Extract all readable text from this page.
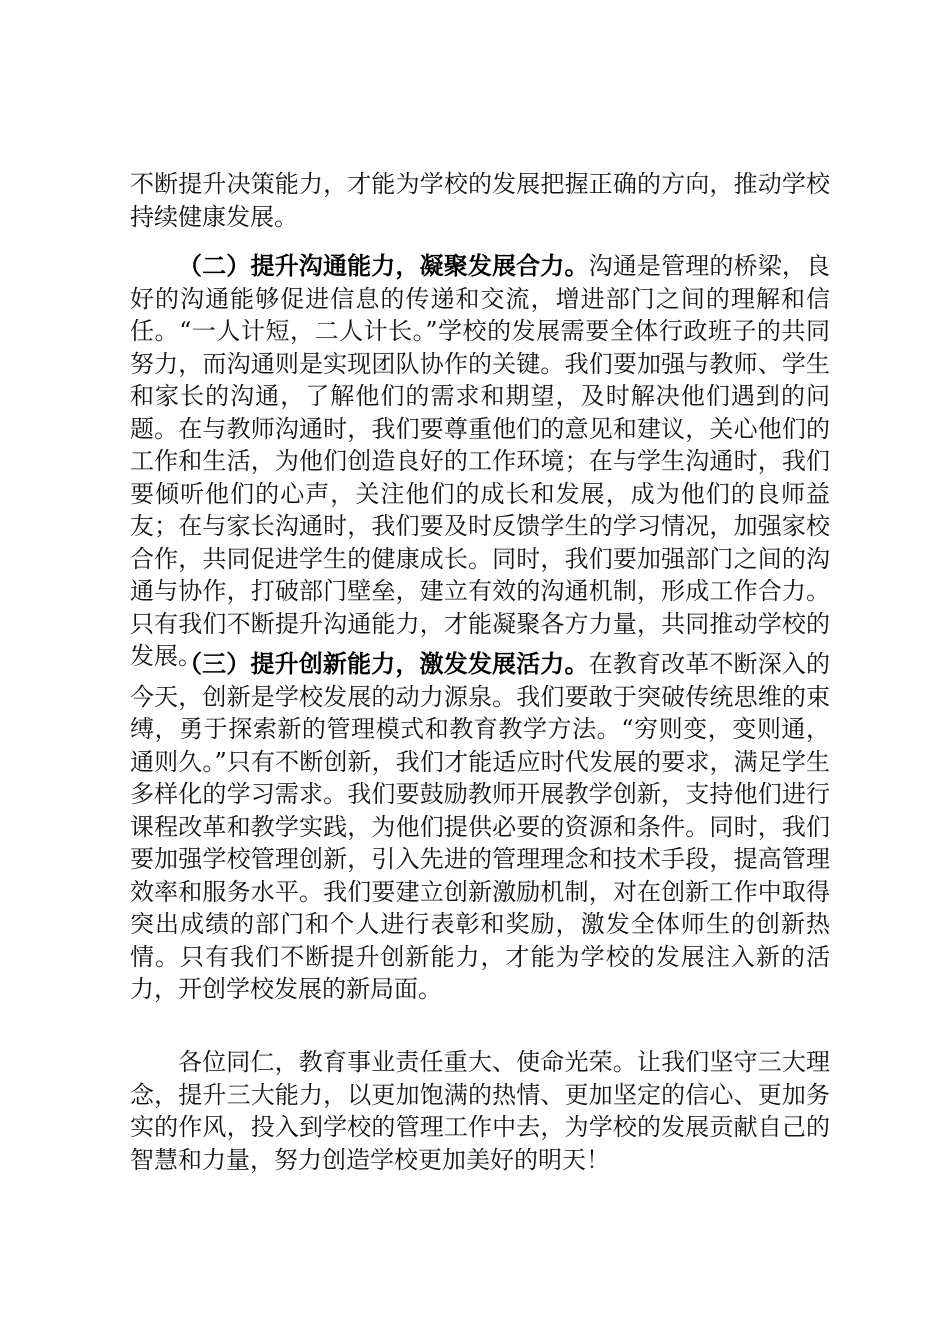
不断提升决策能力，才能为学校的发展把握正确的方向，推动学校持续健康发展。

（二）提升沟通能力，凝聚发展合力。沟通是管理的桥梁，良好的沟通能够促进信息的传递和交流，增进部门之间的理解和信任。“一人计短，二人计长。”学校的发展需要全体行政班子的共同努力，而沟通则是实现团队协作的关键。我们要加强与教师、学生和家长的沟通，了解他们的需求和期望，及时解决他们遇到的问题。在与教师沟通时，我们要尊重他们的意见和建议，关心他们的工作和生活，为他们创造良好的工作环境；在与学生沟通时，我们要倾听他们的心声，关注他们的成长和发展，成为他们的良师益友；在与家长沟通时，我们要及时反馈学生的学习情况，加强家校合作，共同促进学生的健康成长。同时，我们要加强部门之间的沟通与协作，打破部门壁垒，建立有效的沟通机制，形成工作合力。只有我们不断提升沟通能力，才能凝聚各方力量，共同推动学校的发展。

（三）提升创新能力，激发发展活力。在教育改革不断深入的今天，创新是学校发展的动力源泉。我们要敢于突破传统思维的束缚，勇于探索新的管理模式和教育教学方法。“穷则变，变则通，通则久。”只有不断创新，我们才能适应时代发展的要求，满足学生多样化的学习需求。我们要鼓励教师开展教学创新，支持他们进行课程改革和教学实践，为他们提供必要的资源和条件。同时，我们要加强学校管理创新，引入先进的管理理念和技术手段，提高管理效率和服务水平。我们要建立创新激励机制，对在创新工作中取得突出成绩的部门和个人进行表彰和奖励，激发全体师生的创新热情。只有我们不断提升创新能力，才能为学校的发展注入新的活力，开创学校发展的新局面。

各位同仁，教育事业责任重大、使命光荣。让我们坚守三大理念，提升三大能力，以更加饱满的热情、更加坚定的信心、更加务实的作风，投入到学校的管理工作中去，为学校的发展贡献自己的智慧和力量，努力创造学校更加美好的明天！
